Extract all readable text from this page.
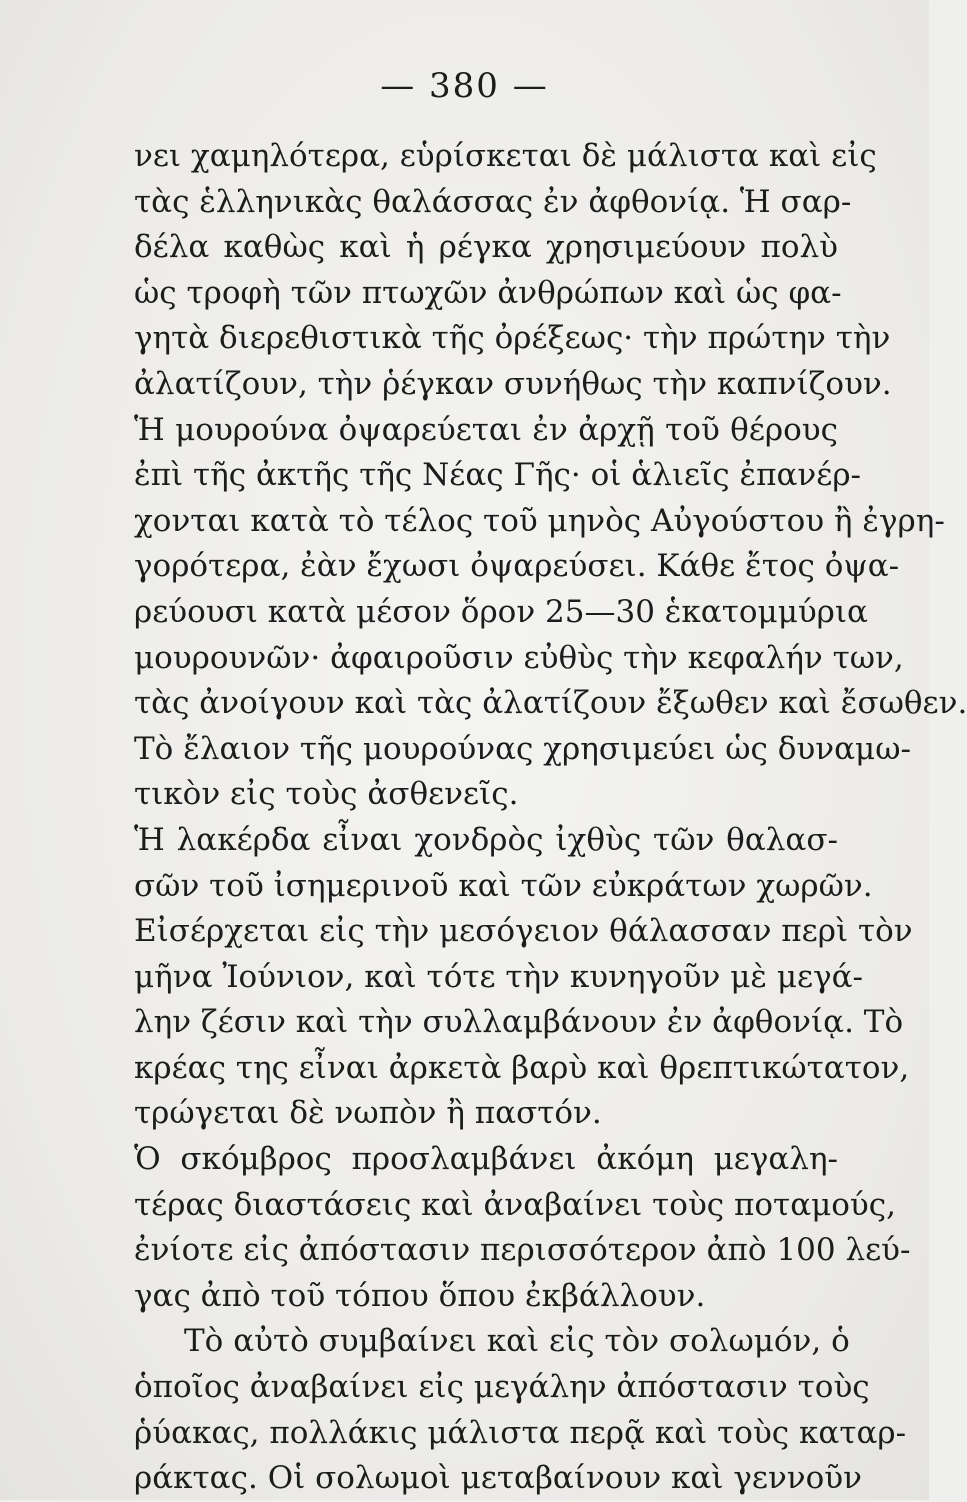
— 380 —
νει χαμηλότερα, εὑρίσκεται δὲ μάλιστα καὶ εἰς
τὰς ἑλληνικὰς θαλάσσας ἐν ἀφθονίᾳ. Ἡ σαρ-
δέλα καθὼς καὶ ἡ ρέγκα χρησιμεύουν πολὺ
ὡς τροφὴ τῶν πτωχῶν ἀνθρώπων καὶ ὡς φα-
γητὰ διερεθιστικὰ τῆς ὀρέξεως· τὴν πρώτην τὴν
ἀλατίζουν, τὴν ῥέγκαν συνήθως τὴν καπνίζουν.
Ἡ μουρούνα ὀψαρεύεται ἐν ἀρχῇ τοῦ θέρους
ἐπὶ τῆς ἀκτῆς τῆς Νέας Γῆς· οἱ ἁλιεῖς ἐπανέρ-
χονται κατὰ τὸ τέλος τοῦ μηνὸς Αὐγούστου ἢ ἐγρη-
γορότερα, ἐὰν ἔχωσι ὀψαρεύσει. Κάθε ἔτος ὀψα-
ρεύουσι κατὰ μέσον ὅρον 25—30 ἑκατομμύρια
μουρουνῶν· ἀφαιροῦσιν εὐθὺς τὴν κεφαλήν των,
τὰς ἀνοίγουν καὶ τὰς ἀλατίζουν ἔξωθεν καὶ ἔσωθεν.
Τὸ ἔλαιον τῆς μουρούνας χρησιμεύει ὡς δυναμω-
τικὸν εἰς τοὺς ἀσθενεῖς.
Ἡ λακέρδα εἶναι χονδρὸς ἰχθὺς τῶν θαλασ-
σῶν τοῦ ἰσημερινοῦ καὶ τῶν εὐκράτων χωρῶν.
Εἰσέρχεται εἰς τὴν μεσόγειον θάλασσαν περὶ τὸν
μῆνα Ἰούνιον, καὶ τότε τὴν κυνηγοῦν μὲ μεγά-
λην ζέσιν καὶ τὴν συλλαμβάνουν ἐν ἀφθονίᾳ. Τὸ
κρέας της εἶναι ἀρκετὰ βαρὺ καὶ θρεπτικώτατον,
τρώγεται δὲ νωπὸν ἢ παστόν.
Ὁ σκόμβρος προσλαμβάνει ἀκόμη μεγαλη-
τέρας διαστάσεις καὶ ἀναβαίνει τοὺς ποταμούς,
ἐνίοτε εἰς ἀπόστασιν περισσότερον ἀπὸ 100 λεύ-
γας ἀπὸ τοῦ τόπου ὅπου ἐκβάλλουν.
Τὸ αὐτὸ συμβαίνει καὶ εἰς τὸν σολωμόν, ὁ
ὁποῖος ἀναβαίνει εἰς μεγάλην ἀπόστασιν τοὺς
ῥύακας, πολλάκις μάλιστα περᾷ καὶ τοὺς καταρ-
ράκτας. Οἱ σολωμοὶ μεταβαίνουν καὶ γεννοῦν
